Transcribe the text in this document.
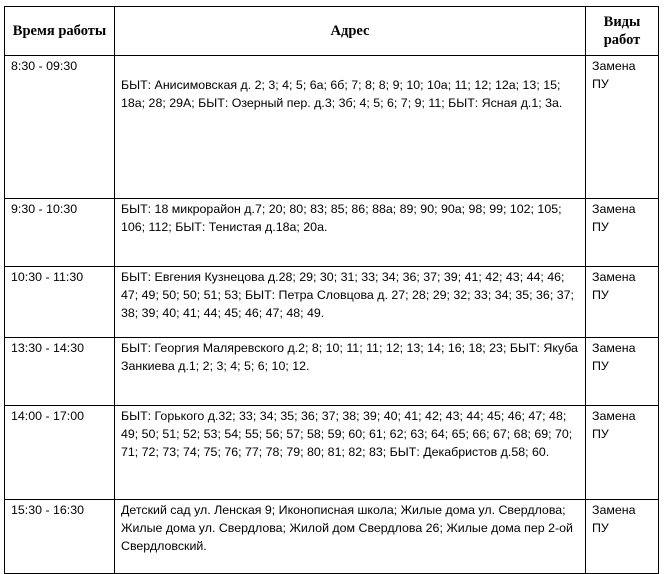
Время работы	Адрес	Виды работ
8:30 - 09:30	БЫТ: Анисимовская д. 2; 3; 4; 5; 6а; 6б; 7; 8; 8; 9; 10; 10а; 11; 12; 12а; 13; 15; 18а; 28; 29А; БЫТ: Озерный пер. д.3; 3б; 4; 5; 6; 7; 9; 11; БЫТ: Ясная д.1; 3а.	Замена ПУ
9:30 - 10:30	БЫТ: 18 микрорайон д.7; 20; 80; 83; 85; 86; 88а; 89; 90; 90а; 98; 99; 102; 105; 106; 112; БЫТ: Тенистая д.18а; 20а.	Замена ПУ
10:30 - 11:30	БЫТ: Евгения Кузнецова д.28; 29; 30; 31; 33; 34; 36; 37; 39; 41; 42; 43; 44; 46; 47; 49; 50; 50; 51; 53; БЫТ: Петра Словцова д. 27; 28; 29; 32; 33; 34; 35; 36; 37; 38; 39; 40; 41; 44; 45; 46; 47; 48; 49.	Замена ПУ
13:30 - 14:30	БЫТ: Георгия Маляревского д.2; 8; 10; 11; 11; 12; 13; 14; 16; 18; 23; БЫТ: Якуба Занкиева д.1; 2; 3; 4; 5; 6; 10; 12.	Замена ПУ
14:00 - 17:00	БЫТ: Горького д.32; 33; 34; 35; 36; 37; 38; 39; 40; 41; 42; 43; 44; 45; 46; 47; 48; 49; 50; 51; 52; 53; 54; 55; 56; 57; 58; 59; 60; 61; 62; 63; 64; 65; 66; 67; 68; 69; 70; 71; 72; 73; 74; 75; 76; 77; 78; 79; 80; 81; 82; 83; БЫТ: Декабристов д.58; 60.	Замена ПУ
15:30 - 16:30	Детский сад ул. Ленская 9; Иконописная школа; Жилые дома ул. Свердлова; Жилые дома ул. Свердлова; Жилой дом Свердлова 26; Жилые дома пер 2-ой Свердловский.	Замена ПУ
